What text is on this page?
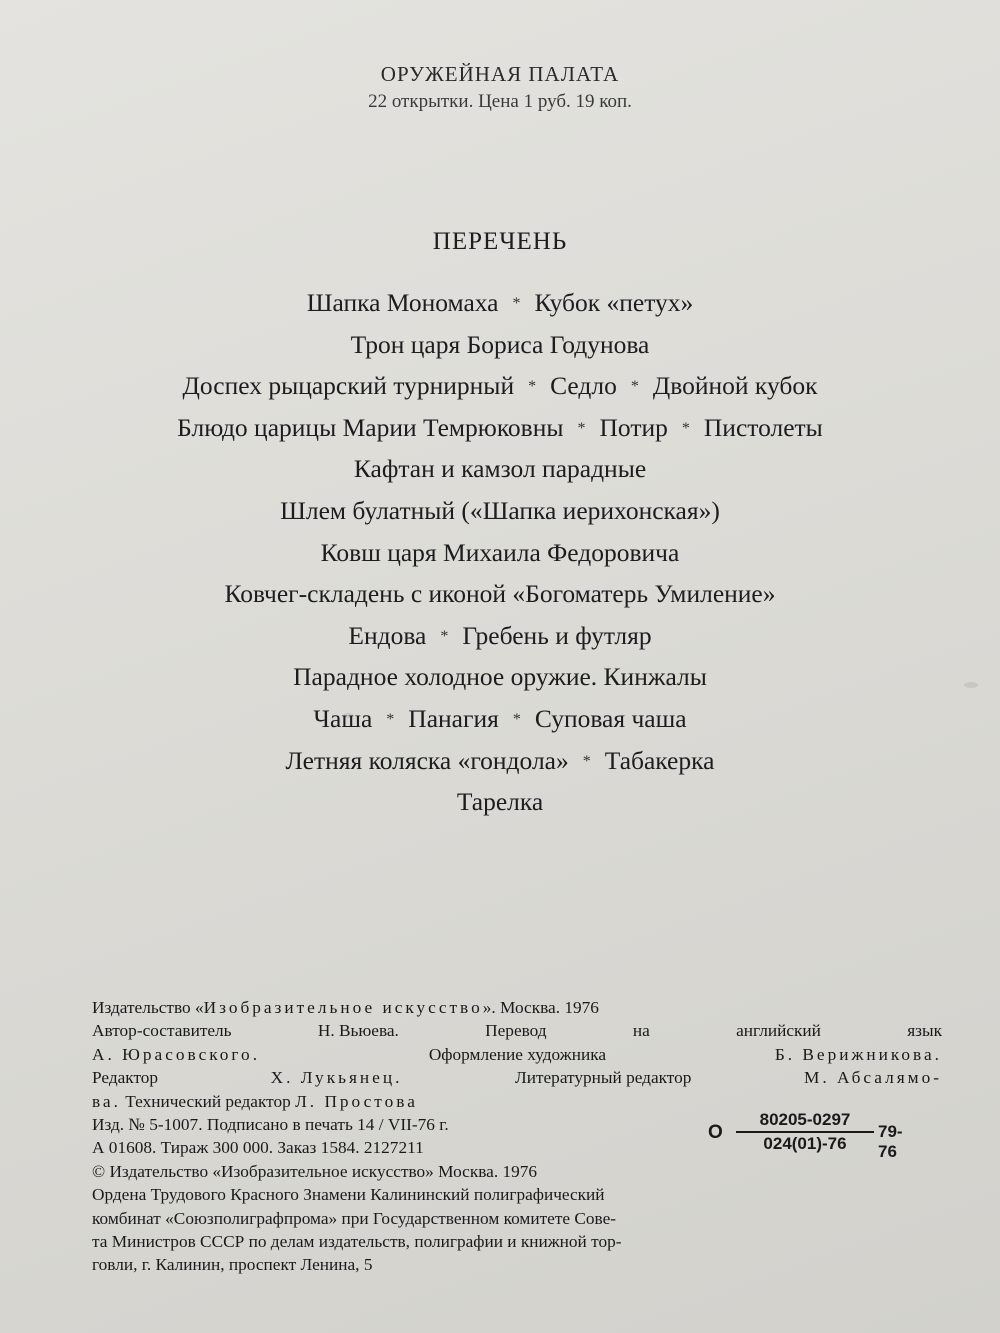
ОРУЖЕЙНАЯ ПАЛАТА
22 открытки. Цена 1 руб. 19 коп.
ПЕРЕЧЕНЬ
Шапка Мономаха * Кубок «петух»
Трон царя Бориса Годунова
Доспех рыцарский турнирный * Седло * Двойной кубок
Блюдо царицы Марии Темрюковны * Потир * Пистолеты
Кафтан и камзол парадные
Шлем булатный («Шапка иерихонская»)
Ковш царя Михаила Федоровича
Ковчег-складень с иконой «Богоматерь Умиление»
Ендова * Гребень и футляр
Парадное холодное оружие. Кинжалы
Чаша * Панагия * Суповая чаша
Летняя коляска «гондола» * Табакерка
Тарелка
Издательство «Изобразительное искусство». Москва. 1976
Автор-составитель	Н. Вьюева.	Перевод	на	английский	язык
А. Юрасовского.	Оформление художника	Б. Верижникова.
Редактор	Х. Лукьянец.	Литературный редактор	М. Абсалямо-
ва. Технический редактор Л. Простова
Изд. № 5-1007. Подписано в печать 14 / VII-76 г.
А 01608. Тираж 300 000. Заказ 1584. 2127211
© Издательство «Изобразительное искусство» Москва. 1976
Ордена Трудового Красного Знамени Калининский полиграфический
комбинат «Союзполиграфпрома» при Государственном комитете Сове-
та Министров СССР по делам издательств, полиграфии и книжной тор-
говли, г. Калинин, проспект Ленина, 5
О $\frac{80205-0297}{024(01)-76} 79-76$
